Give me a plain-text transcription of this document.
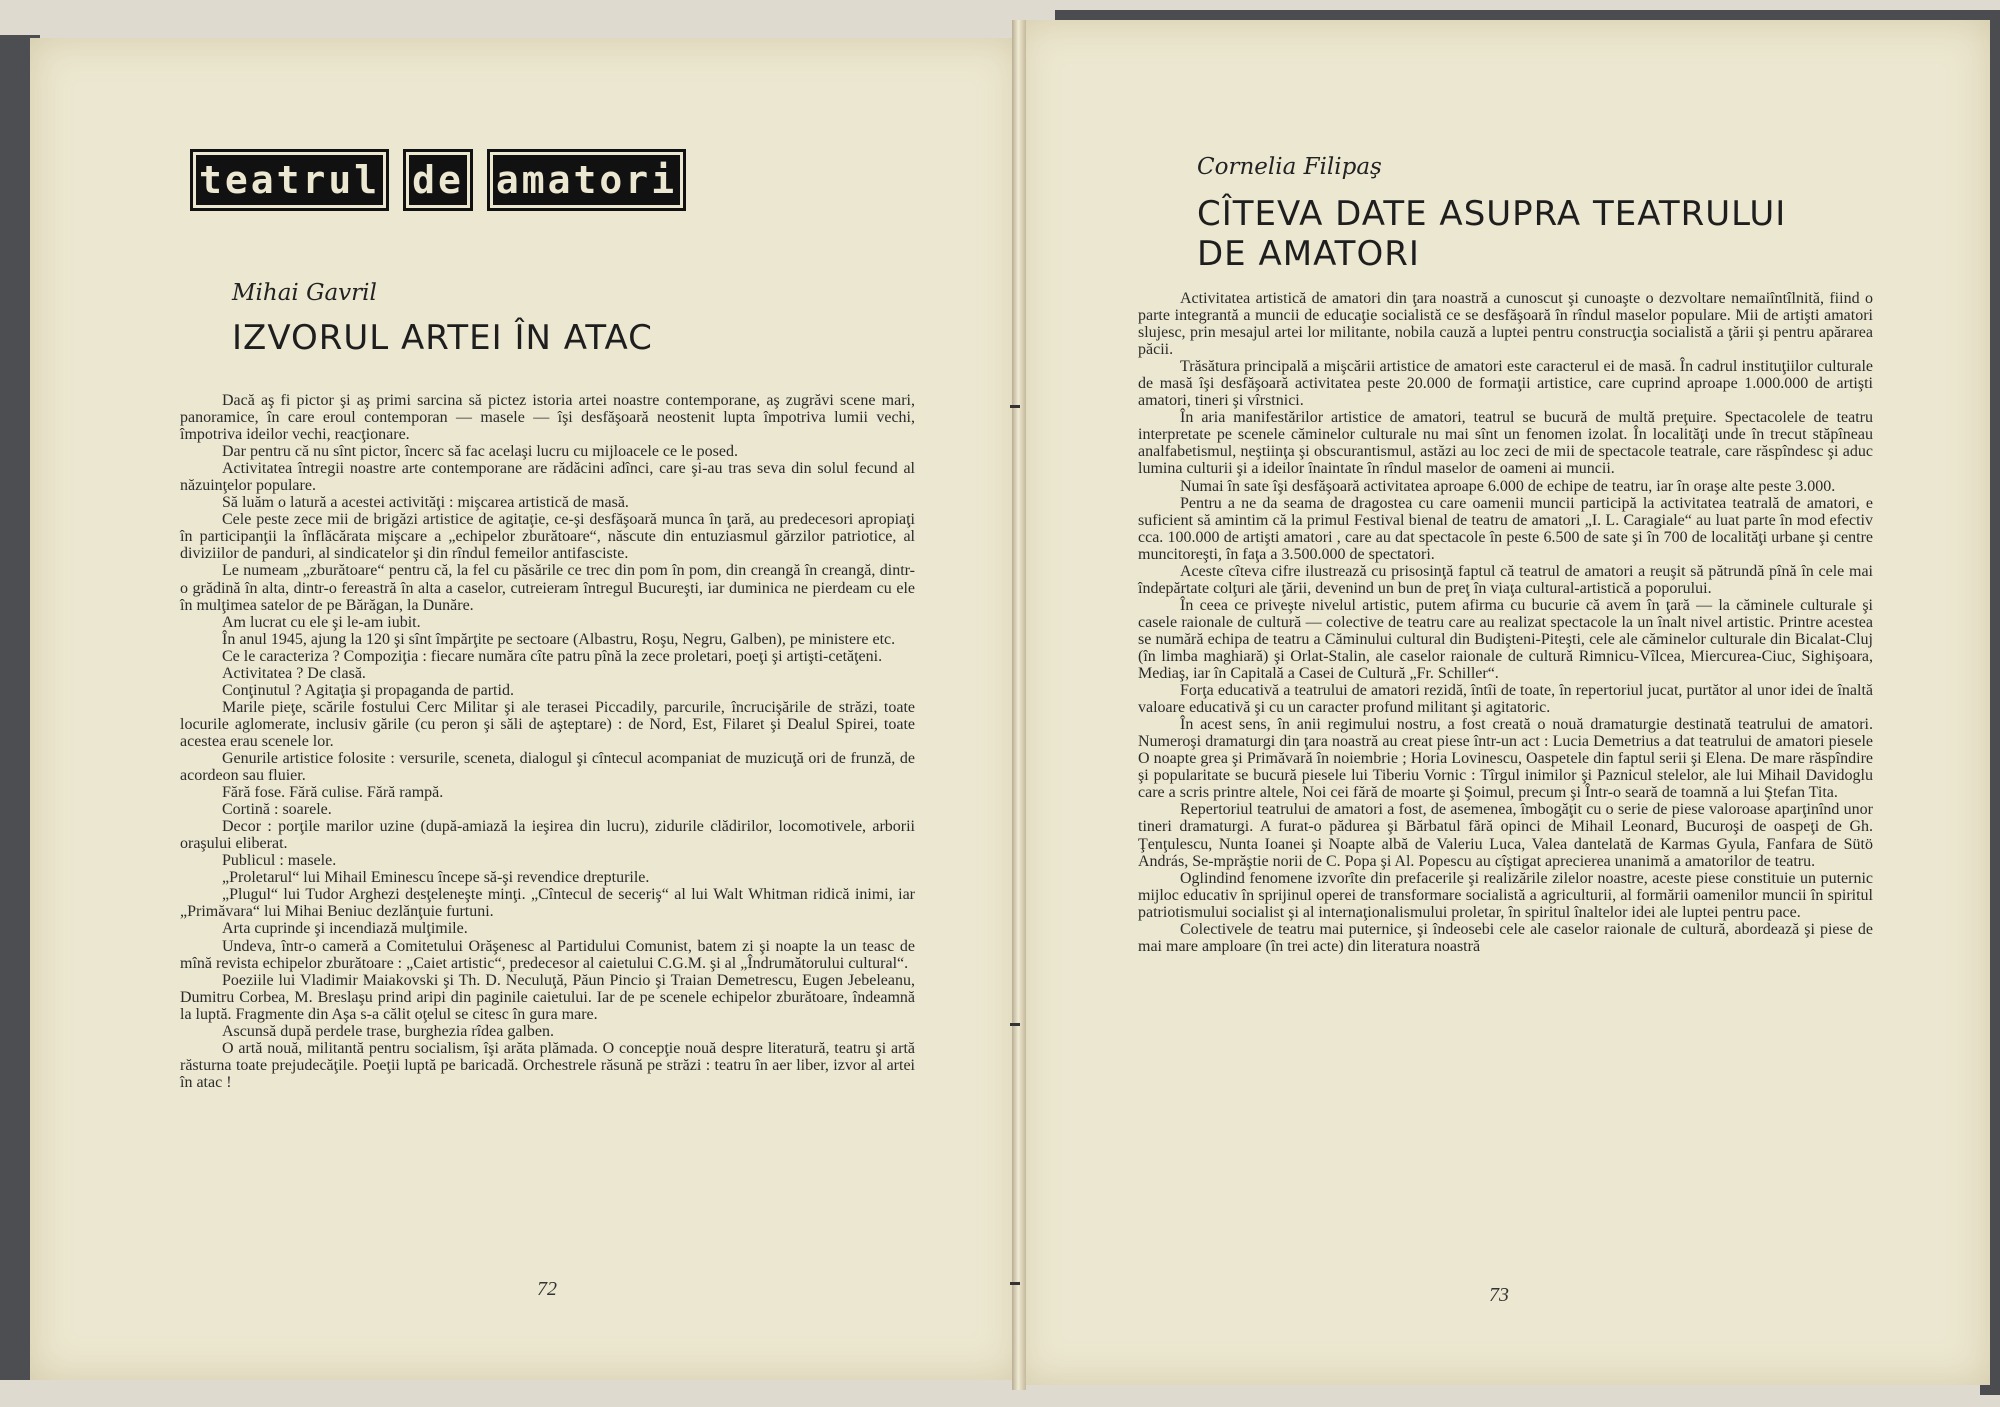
teatrul de amatori
Mihai Gavril
IZVORUL ARTEI ÎN ATAC

Dacă aş fi pictor şi aş primi sarcina să pictez istoria artei noastre contemporane, aş zugrăvi scene mari, panoramice, în care eroul contemporan — masele — îşi desfăşoară neostenit lupta împotriva lumii vechi, împotriva ideilor vechi, reacţionare.

Dar pentru că nu sînt pictor, încerc să fac acelaşi lucru cu mijloacele ce le posed.

Activitatea întregii noastre arte contemporane are rădăcini adînci, care şi-au tras seva din solul fecund al năzuinţelor populare.

Să luăm o latură a acestei activităţi : mişcarea artistică de masă.

Cele peste zece mii de brigăzi artistice de agitaţie, ce-şi desfăşoară munca în ţară, au predecesori apropiaţi în participanţii la înflăcărata mişcare a „echipelor zburătoare“, născute din entuziasmul gărzilor patriotice, al diviziilor de panduri, al sindicatelor şi din rîndul femeilor antifasciste.

Le numeam „zburătoare“ pentru că, la fel cu păsările ce trec din pom în pom, din creangă în creangă, dintr-o grădină în alta, dintr-o fereastră în alta a caselor, cutreieram întregul Bucureşti, iar duminica ne pierdeam cu ele în mulţimea satelor de pe Bărăgan, la Dunăre.

Am lucrat cu ele şi le-am iubit.

În anul 1945, ajung la 120 şi sînt împărţite pe sectoare (Albastru, Roşu, Negru, Galben), pe ministere etc.

Ce le caracteriza ? Compoziţia : fiecare număra cîte patru pînă la zece proletari, poeţi şi artişti-cetăţeni.

Activitatea ? De clasă.

Conţinutul ? Agitaţia şi propaganda de partid.

Marile pieţe, scările fostului Cerc Militar şi ale terasei Piccadily, parcurile, încrucişările de străzi, toate locurile aglomerate, inclusiv gările (cu peron şi săli de aşteptare) : de Nord, Est, Filaret şi Dealul Spirei, toate acestea erau scenele lor.

Genurile artistice folosite : versurile, sceneta, dialogul şi cîntecul acompaniat de muzicuţă ori de frunză, de acordeon sau fluier.

Fără fose. Fără culise. Fără rampă.

Cortină : soarele.

Decor : porţile marilor uzine (după-amiază la ieşirea din lucru), zidurile clădirilor, locomotivele, arborii oraşului eliberat.

Publicul : masele.

„Proletarul“ lui Mihail Eminescu începe să-şi revendice drepturile.

„Plugul“ lui Tudor Arghezi desţeleneşte minţi. „Cîntecul de seceriş“ al lui Walt Whitman ridică inimi, iar „Primăvara“ lui Mihai Beniuc dezlănţuie furtuni.

Arta cuprinde şi incendiază mulţimile.

Undeva, într-o cameră a Comitetului Orăşenesc al Partidului Comunist, batem zi şi noapte la un teasc de mînă revista echipelor zburătoare : „Caiet artistic“, predecesor al caietului C.G.M. şi al „Îndrumătorului cultural“.

Poeziile lui Vladimir Maiakovski şi Th. D. Neculuţă, Păun Pincio şi Traian Demetrescu, Eugen Jebeleanu, Dumitru Corbea, M. Breslaşu prind aripi din paginile caietului. Iar de pe scenele echipelor zburătoare, îndeamnă la luptă. Fragmente din Aşa s-a călit oţelul se citesc în gura mare.

Ascunsă după perdele trase, burghezia rîdea galben.

O artă nouă, militantă pentru socialism, îşi arăta plămada. O concepţie nouă despre literatură, teatru şi artă răsturna toate prejudecăţile. Poeţii luptă pe baricadă. Orchestrele răsună pe străzi : teatru în aer liber, izvor al artei în atac !

72
Cornelia Filipaş
CÎTEVA DATE ASUPRA TEATRULUI
DE AMATORI

Activitatea artistică de amatori din ţara noastră a cunoscut şi cunoaşte o dezvoltare nemaiîntîlnită, fiind o parte integrantă a muncii de educaţie socialistă ce se desfăşoară în rîndul maselor populare. Mii de artişti amatori slujesc, prin mesajul artei lor militante, nobila cauză a luptei pentru construcţia socialistă a ţării şi pentru apărarea păcii.

Trăsătura principală a mişcării artistice de amatori este caracterul ei de masă. În cadrul instituţiilor culturale de masă îşi desfăşoară activitatea peste 20.000 de formaţii artistice, care cuprind aproape 1.000.000 de artişti amatori, tineri şi vîrstnici.

În aria manifestărilor artistice de amatori, teatrul se bucură de multă preţuire. Spectacolele de teatru interpretate pe scenele căminelor culturale nu mai sînt un fenomen izolat. În localităţi unde în trecut stăpîneau analfabetismul, neştiinţa şi obscurantismul, astăzi au loc zeci de mii de spectacole teatrale, care răspîndesc şi aduc lumina culturii şi a ideilor înaintate în rîndul maselor de oameni ai muncii.

Numai în sate îşi desfăşoară activitatea aproape 6.000 de echipe de teatru, iar în oraşe alte peste 3.000.

Pentru a ne da seama de dragostea cu care oamenii muncii participă la activitatea teatrală de amatori, e suficient să amintim că la primul Festival bienal de teatru de amatori „I. L. Caragiale“ au luat parte în mod efectiv cca. 100.000 de artişti amatori , care au dat spectacole în peste 6.500 de sate şi în 700 de localităţi urbane şi centre muncitoreşti, în faţa a 3.500.000 de spectatori.

Aceste cîteva cifre ilustrează cu prisosinţă faptul că teatrul de amatori a reuşit să pătrundă pînă în cele mai îndepărtate colţuri ale ţării, devenind un bun de preţ în viaţa cultural-artistică a poporului.

În ceea ce priveşte nivelul artistic, putem afirma cu bucurie că avem în ţară — la căminele culturale şi casele raionale de cultură — colective de teatru care au realizat spectacole la un înalt nivel artistic. Printre acestea se numără echipa de teatru a Căminului cultural din Budişteni-Piteşti, cele ale căminelor culturale din Bicalat-Cluj (în limba maghiară) şi Orlat-Stalin, ale caselor raionale de cultură Rimnicu-Vîlcea, Miercurea-Ciuc, Sighişoara, Mediaş, iar în Capitală a Casei de Cultură „Fr. Schiller“.

Forţa educativă a teatrului de amatori rezidă, întîi de toate, în repertoriul jucat, purtător al unor idei de înaltă valoare educativă şi cu un caracter profund militant şi agitatoric.

În acest sens, în anii regimului nostru, a fost creată o nouă dramaturgie destinată teatrului de amatori. Numeroşi dramaturgi din ţara noastră au creat piese într-un act : Lucia Demetrius a dat teatrului de amatori piesele O noapte grea şi Primăvară în noiembrie ; Horia Lovinescu, Oaspetele din faptul serii şi Elena. De mare răspîndire şi popularitate se bucură piesele lui Tiberiu Vornic : Tîrgul inimilor şi Paznicul stelelor, ale lui Mihail Davidoglu care a scris printre altele, Noi cei fără de moarte şi Şoimul, precum şi Într-o seară de toamnă a lui Ştefan Tita.

Repertoriul teatrului de amatori a fost, de asemenea, îmbogăţit cu o serie de piese valoroase aparţinînd unor tineri dramaturgi. A furat-o pădurea şi Bărbatul fără opinci de Mihail Leonard, Bucuroşi de oaspeţi de Gh. Ţenţulescu, Nunta Ioanei şi Noapte albă de Valeriu Luca, Valea dantelată de Karmas Gyula, Fanfara de Sütö András, Se-mprăştie norii de C. Popa şi Al. Popescu au cîştigat aprecierea unanimă a amatorilor de teatru.

Oglindind fenomene izvorîte din prefacerile şi realizările zilelor noastre, aceste piese constituie un puternic mijloc educativ în sprijinul operei de transformare socialistă a agriculturii, al formării oamenilor muncii în spiritul patriotismului socialist şi al internaţionalismului proletar, în spiritul înaltelor idei ale luptei pentru pace.

Colectivele de teatru mai puternice, şi îndeosebi cele ale caselor raionale de cultură, abordează şi piese de mai mare amploare (în trei acte) din literatura noastră

73
